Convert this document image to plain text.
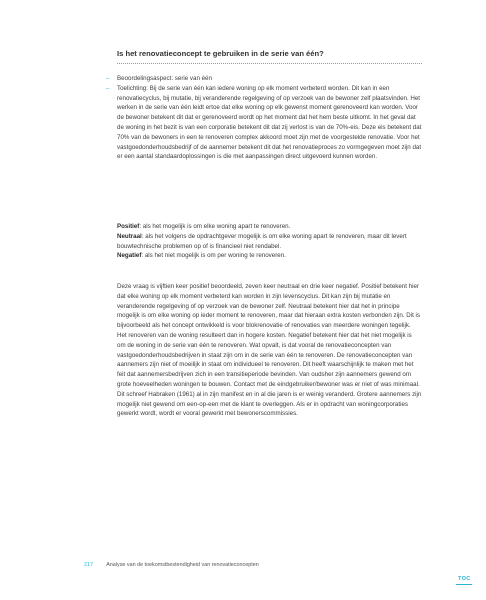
Is het renovatieconcept te gebruiken in de serie van één?
– Beoordelingsaspect: serie van één
– Toelichting: Bij de serie van één kan iedere woning op elk moment verbeterd worden. Dit kan in een renovatiecyclus, bij mutatie, bij veranderende regelgeving of op verzoek van de bewoner zelf plaatsvinden. Het werken in de serie van één leidt ertoe dat elke woning op elk gewenst moment gerenoveerd kan worden. Voor de bewoner betekent dit dat er gerenoveerd wordt op het moment dat het hem beste uitkomt. In het geval dat de woning in het bezit is van een corporatie betekent dit dat zij verlost is van de 70%-eis. Deze eis betekent dat 70% van de bewoners in een te renoveren complex akkoord moet zijn met de voorgestelde renovatie. Voor het vastgoedonderhoudsbedrijf of de aannemer betekent dit dat het renovatieproces zo vormgegeven moet zijn dat er een aantal standaardoplossingen is die met aanpassingen direct uitgevoerd kunnen worden.

Positief: als het mogelijk is om elke woning apart te renoveren.

Neutraal: als het volgens de opdrachtgever mogelijk is om elke woning apart te renoveren, maar dit levert bouwtechnische problemen op of is financieel niet rendabel.

Negatief: als het niet mogelijk is om per woning te renoveren.

Deze vraag is vijftien keer positief beoordeeld, zeven keer neutraal en drie keer negatief. Positief betekent hier dat elke woning op elk moment verbeterd kan worden in zijn levenscyclus. Dit kan zijn bij mutatie en veranderende regelgeving of op verzoek van de bewoner zelf. Neutraal betekent hier dat het in principe mogelijk is om elke woning op ieder moment te renoveren, maar dat hieraan extra kosten verbonden zijn. Dit is bijvoorbeeld als het concept ontwikkeld is voor blokrenovatie of renovaties van meerdere woningen tegelijk. Het renoveren van de woning resulteert dan in hogere kosten. Negatief betekent hier dat het niet mogelijk is om de woning in de serie van één te renoveren. Wat opvalt, is dat vooral de renovatieconcepten van vastgoedonderhoudsbedrijven in staat zijn om in de serie van één te renoveren. De renovatieconcepten van aannemers zijn niet of moeilijk in staat om individueel te renoveren. Dit heeft waarschijnlijk te maken met het feit dat aannemersbedrijven zich in een transitieperiode bevinden. Van oudsher zijn aannemers gewend om grote hoeveelheden woningen te bouwen. Contact met de eindgebruiker/bewoner was er niet of was minimaal. Dit schreef Habraken (1961) al in zijn manifest en in al die jaren is er weinig veranderd. Grotere aannemers zijn mogelijk niet gewend om een-op-een met de klant te overleggen. Als er in opdracht van woningcorporaties gewerkt wordt, wordt er vooral gewerkt met bewonerscommissies.

217 Analyse van de toekomstbestendigheid van renovatieconcepten
TOC
